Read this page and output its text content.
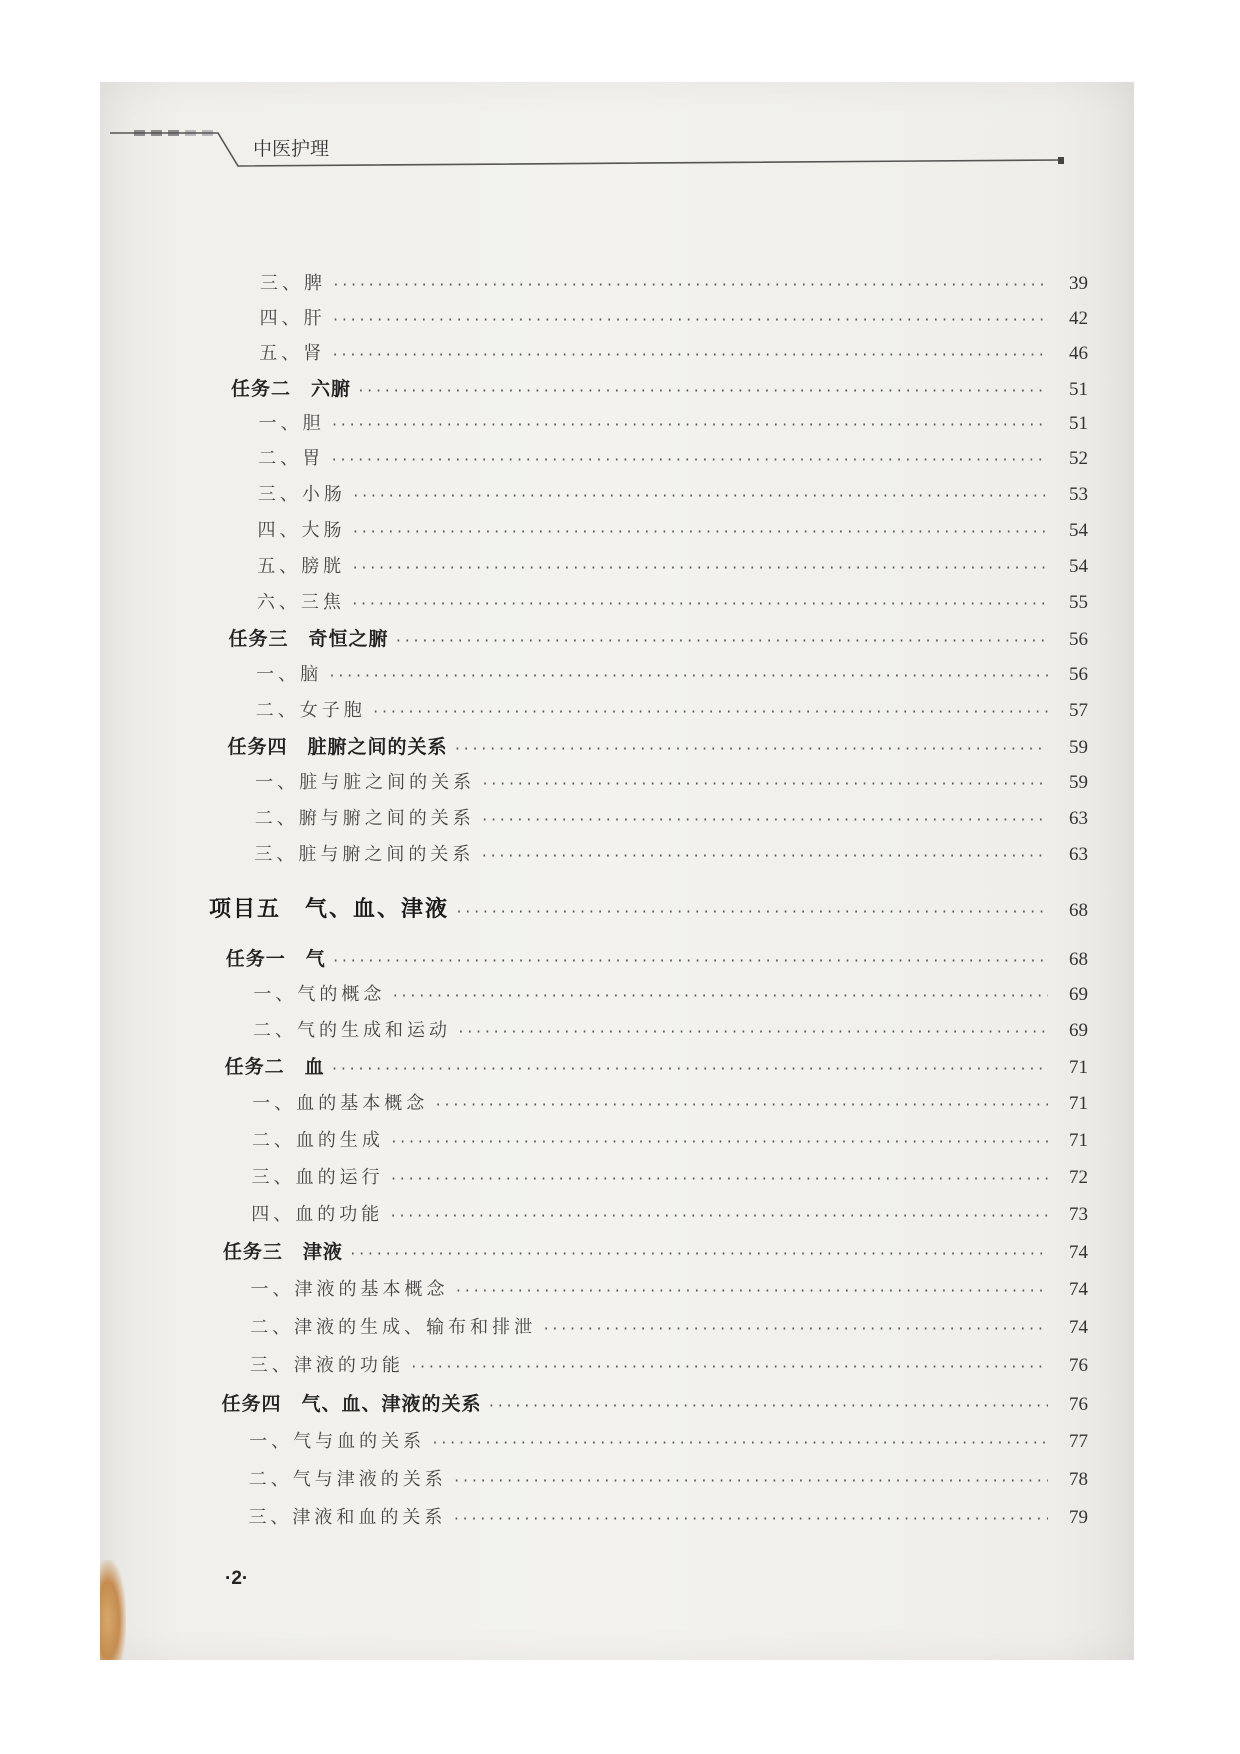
中医护理
三、脾 ·····	39
四、肝 ·····	42
五、肾 ·····	46
任务二　六腑 ·····	51
一、胆 ·····	51
二、胃 ·····	52
三、小肠 ·····	53
四、大肠 ·····	54
五、膀胱 ·····	54
六、三焦 ·····	55
任务三　奇恒之腑 ·····	56
一、脑 ·····	56
二、女子胞 ·····	57
任务四　脏腑之间的关系 ·····	59
一、脏与脏之间的关系 ·····	59
二、腑与腑之间的关系 ·····	63
三、脏与腑之间的关系 ·····	63
项目五　气、血、津液 ·····	68
任务一　气 ·····	68
一、气的概念 ·····	69
二、气的生成和运动 ·····	69
任务二　血 ·····	71
一、血的基本概念 ·····	71
二、血的生成 ·····	71
三、血的运行 ·····	72
四、血的功能 ·····	73
任务三　津液 ·····	74
一、津液的基本概念 ·····	74
二、津液的生成、输布和排泄 ·····	74
三、津液的功能 ·····	76
任务四　气、血、津液的关系 ·····	76
一、气与血的关系 ·····	77
二、气与津液的关系 ·····	78
三、津液和血的关系 ·····	79
·2·
